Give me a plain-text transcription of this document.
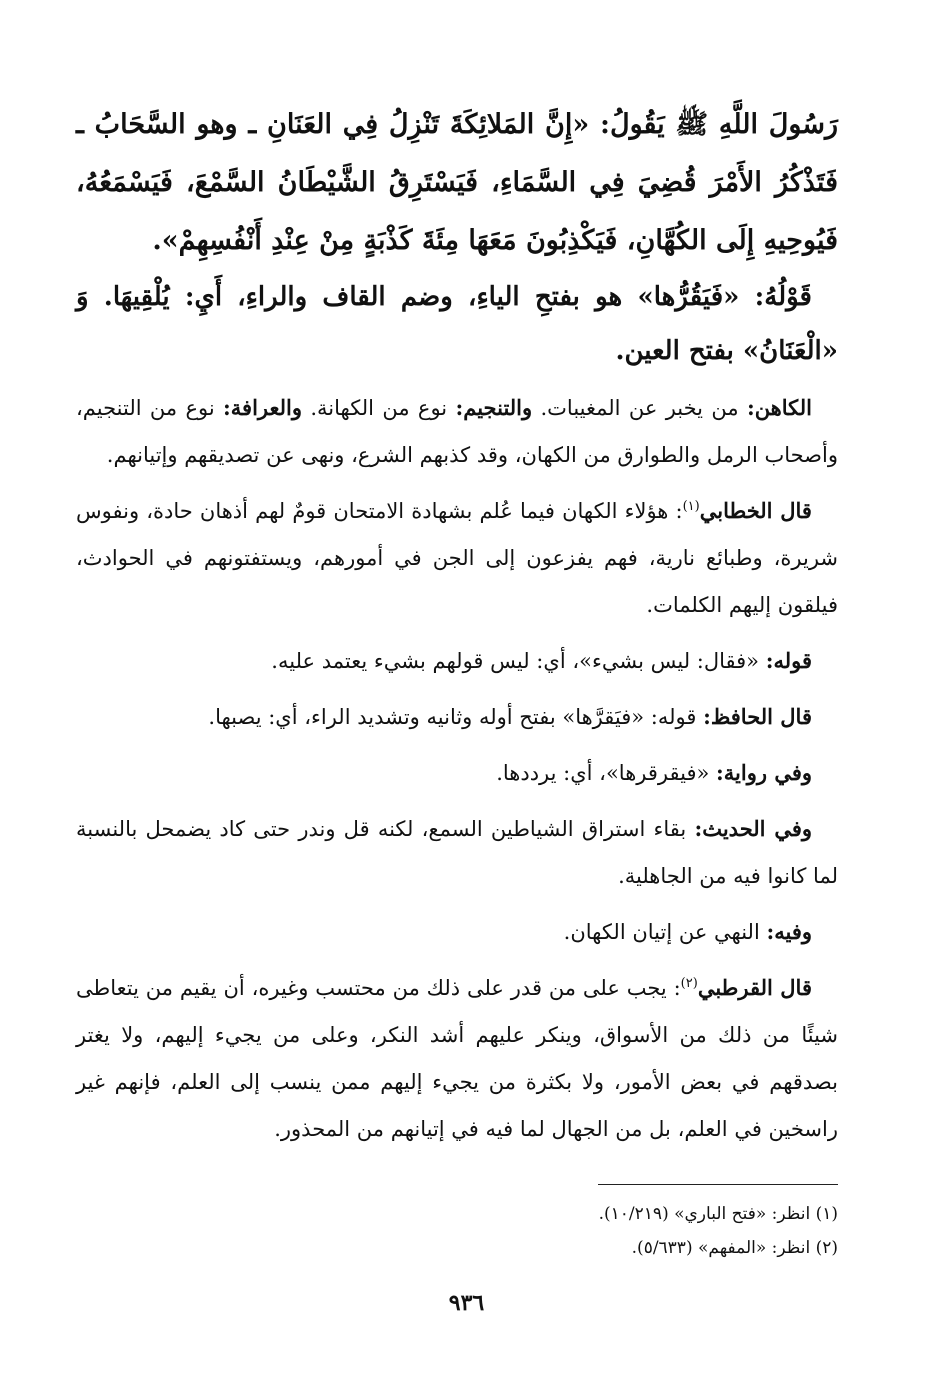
رَسُولَ اللَّهِ ﷺ يَقُولُ: «إِنَّ المَلائِكَةَ تَنْزِلُ فِي العَنَانِ ـ وهو السَّحَابُ ـ فَتَذْكُرُ الأَمْرَ قُضِيَ فِي السَّمَاءِ، فَيَسْتَرِقُ الشَّيْطَانُ السَّمْعَ، فَيَسْمَعُهُ، فَيُوحِيهِ إِلَى الكُهَّانِ، فَيَكْذِبُونَ مَعَهَا مِئَةَ كَذْبَةٍ مِنْ عِنْدِ أَنْفُسِهِمْ».

قَوْلُهُ: «فَيَقُرُّها» هو بفتحِ الياءِ، وضم القاف والراءِ، أَيِ: يُلْقِيهَا. وَ «الْعَنَانُ» بفتح العين.

الكاهن: من يخبر عن المغيبات. والتنجيم: نوع من الكهانة. والعرافة: نوع من التنجيم، وأصحاب الرمل والطوارق من الكهان، وقد كذبهم الشرع، ونهى عن تصديقهم وإتيانهم.

قال الخطابي$^{(١)}$: هؤلاء الكهان فيما عُلم بشهادة الامتحان قومٌ لهم أذهان حادة، ونفوس شريرة، وطبائع نارية، فهم يفزعون إلى الجن في أمورهم، ويستفتونهم في الحوادث، فيلقون إليهم الكلمات.

قوله: «فقال: ليس بشيء»، أي: ليس قولهم بشيء يعتمد عليه.

قال الحافظ: قوله: «فيَقرَّها» بفتح أوله وثانيه وتشديد الراء، أي: يصبها.

وفي رواية: «فيقرقرها»، أي: يرددها.

وفي الحديث: بقاء استراق الشياطين السمع، لكنه قل وندر حتى كاد يضمحل بالنسبة لما كانوا فيه من الجاهلية.

وفيه: النهي عن إتيان الكهان.

قال القرطبي$^{(٢)}$: يجب على من قدر على ذلك من محتسب وغيره، أن يقيم من يتعاطى شيئًا من ذلك من الأسواق، وينكر عليهم أشد النكر، وعلى من يجيء إليهم، ولا يغتر بصدقهم في بعض الأمور، ولا بكثرة من يجيء إليهم ممن ينسب إلى العلم، فإنهم غير راسخين في العلم، بل من الجهال لما فيه في إتيانهم من المحذور.

(١) انظر: «فتح الباري» (١٠/٢١٩).
(٢) انظر: «المفهم» (٥/٦٣٣).
٩٣٦
